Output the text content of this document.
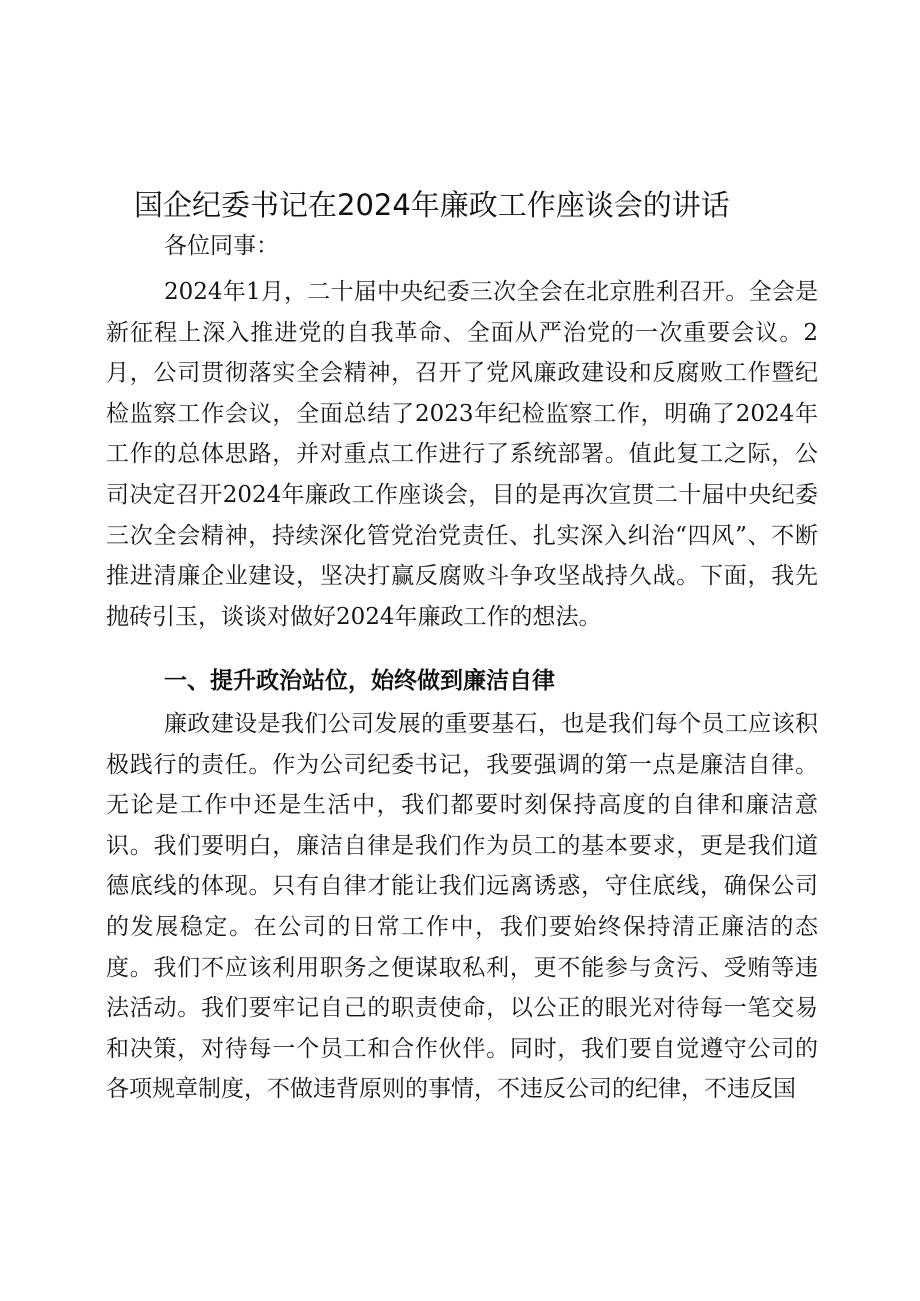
国企纪委书记在2024年廉政工作座谈会的讲话

各位同事：

2024年1月，二十届中央纪委三次全会在北京胜利召开。全会是新征程上深入推进党的自我革命、全面从严治党的一次重要会议。2月，公司贯彻落实全会精神，召开了党风廉政建设和反腐败工作暨纪检监察工作会议，全面总结了2023年纪检监察工作，明确了2024年工作的总体思路，并对重点工作进行了系统部署。值此复工之际，公司决定召开2024年廉政工作座谈会，目的是再次宣贯二十届中央纪委三次全会精神，持续深化管党治党责任、扎实深入纠治“四风”、不断推进清廉企业建设，坚决打赢反腐败斗争攻坚战持久战。下面，我先抛砖引玉，谈谈对做好2024年廉政工作的想法。

一、提升政治站位，始终做到廉洁自律

廉政建设是我们公司发展的重要基石，也是我们每个员工应该积极践行的责任。作为公司纪委书记，我要强调的第一点是廉洁自律。无论是工作中还是生活中，我们都要时刻保持高度的自律和廉洁意识。我们要明白，廉洁自律是我们作为员工的基本要求，更是我们道德底线的体现。只有自律才能让我们远离诱惑，守住底线，确保公司的发展稳定。在公司的日常工作中，我们要始终保持清正廉洁的态度。我们不应该利用职务之便谋取私利，更不能参与贪污、受贿等违法活动。我们要牢记自己的职责使命，以公正的眼光对待每一笔交易和决策，对待每一个员工和合作伙伴。同时，我们要自觉遵守公司的各项规章制度，不做违背原则的事情，不违反公司的纪律，不违反国
